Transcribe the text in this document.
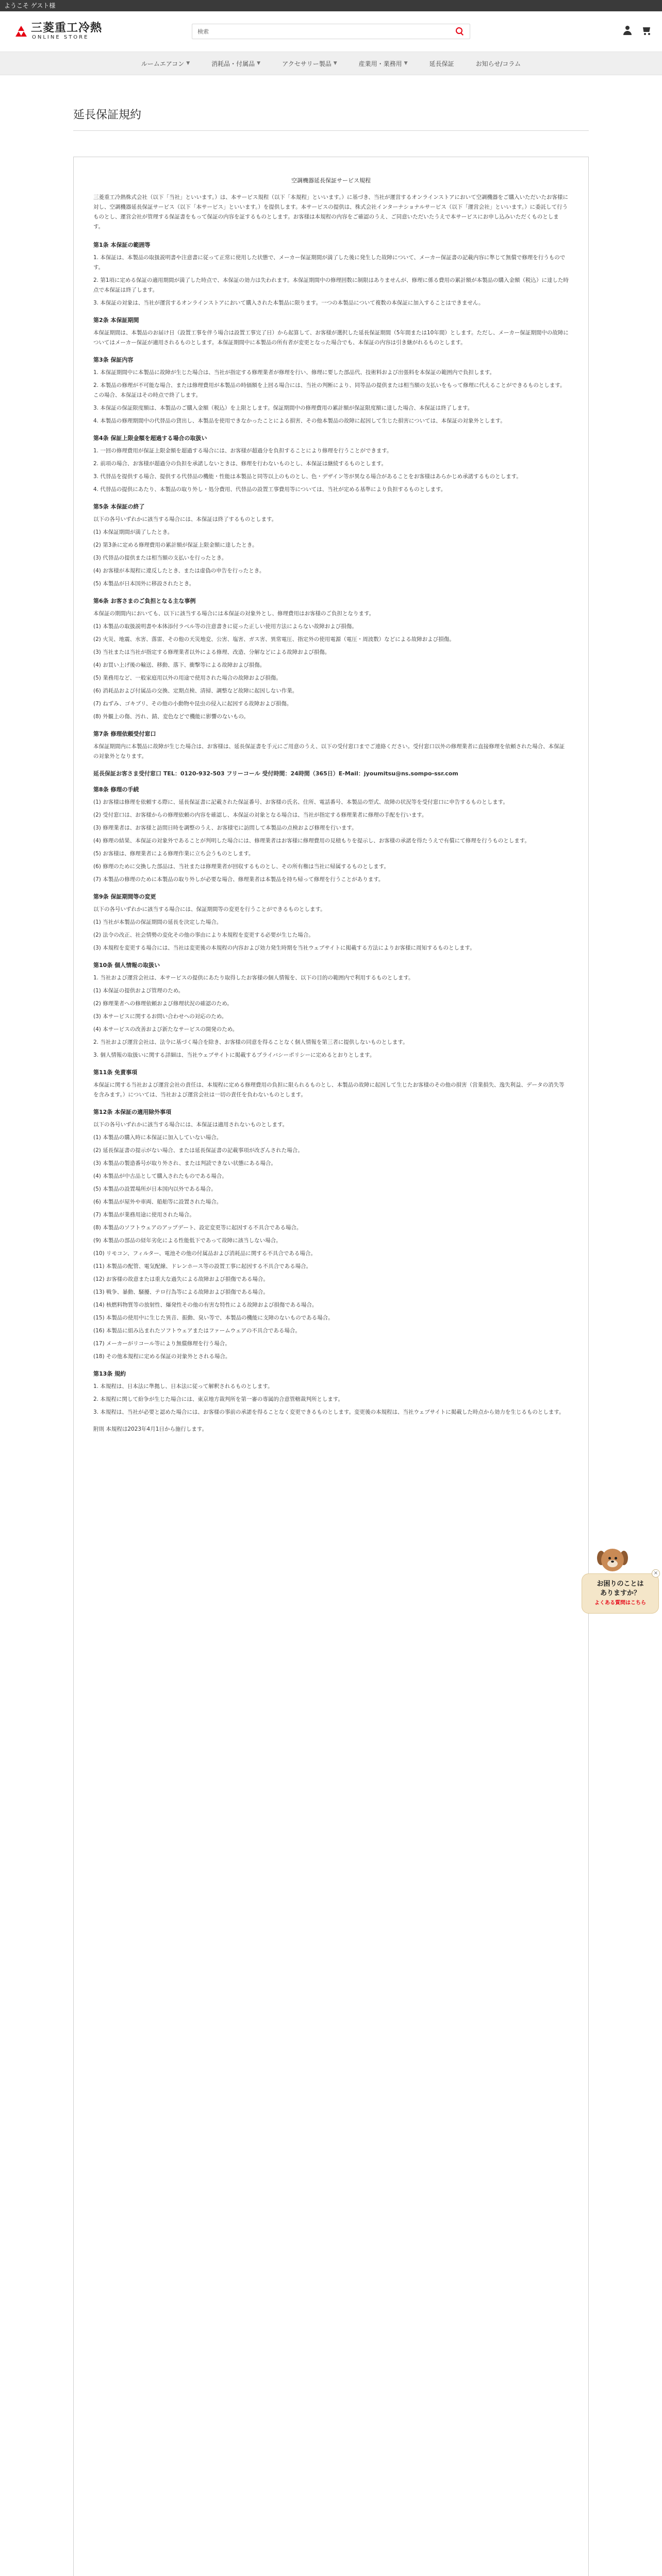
ようこそ ゲスト様
三菱重工冷熱
ONLINE STORE
検索
ルームエアコン ▼	消耗品・付属品 ▼	アクセサリー製品 ▼	産業用・業務用 ▼	延長保証	お知らせ/コラム
延長保証規約
空調機器延長保証サービス規程

三菱重工冷熱株式会社（以下「当社」といいます。）は、本サービス規程（以下「本規程」といいます。）に基づき、当社が運営するオンラインストアにおいて空調機器をご購入いただいたお客様に対し、空調機器延長保証サービス（以下「本サービス」といいます。）を提供します。本サービスの提供は、株式会社インターナショナルサービス（以下「運営会社」といいます。）に委託して行うものとし、運営会社が管理する保証書をもって保証の内容を証するものとします。お客様は本規程の内容をご確認のうえ、ご同意いただいたうえで本サービスにお申し込みいただくものとします。

第1条 本保証の範囲等

1. 本保証は、本製品の取扱説明書や注意書に従って正常に使用した状態で、メーカー保証期間が満了した後に発生した故障について、メーカー保証書の記載内容に準じて無償で修理を行うものです。

2. 第1項に定める保証の適用期間が満了した時点で、本保証の効力は失われます。本保証期間中の修理回数に制限はありませんが、修理に係る費用の累計額が本製品の購入金額（税込）に達した時点で本保証は終了します。

3. 本保証の対象は、当社が運営するオンラインストアにおいて購入された本製品に限ります。一つの本製品について複数の本保証に加入することはできません。

第2条 本保証期間

本保証期間は、本製品のお届け日（設置工事を伴う場合は設置工事完了日）から起算して、お客様が選択した延長保証期間（5年間または10年間）とします。ただし、メーカー保証期間中の故障についてはメーカー保証が適用されるものとします。本保証期間中に本製品の所有者が変更となった場合でも、本保証の内容は引き継がれるものとします。

第3条 保証内容

1. 本保証期間中に本製品に故障が生じた場合は、当社が指定する修理業者が修理を行い、修理に要した部品代、技術料および出張料を本保証の範囲内で負担します。

2. 本製品の修理が不可能な場合、または修理費用が本製品の時価額を上回る場合には、当社の判断により、同等品の提供または相当額の支払いをもって修理に代えることができるものとします。この場合、本保証はその時点で終了します。

3. 本保証の保証限度額は、本製品のご購入金額（税込）を上限とします。保証期間中の修理費用の累計額が保証限度額に達した場合、本保証は終了します。

4. 本製品の修理期間中の代替品の貸出し、本製品を使用できなかったことによる損害、その他本製品の故障に起因して生じた損害については、本保証の対象外とします。

第4条 保証上限金額を超過する場合の取扱い

1. 一回の修理費用が保証上限金額を超過する場合には、お客様が超過分を負担することにより修理を行うことができます。

2. 前項の場合、お客様が超過分の負担を承諾しないときは、修理を行わないものとし、本保証は継続するものとします。

3. 代替品を提供する場合、提供する代替品の機能・性能は本製品と同等以上のものとし、色・デザイン等が異なる場合があることをお客様はあらかじめ承諾するものとします。

4. 代替品の提供にあたり、本製品の取り外し・処分費用、代替品の設置工事費用等については、当社が定める基準により負担するものとします。

第5条 本保証の終了

以下の各号いずれかに該当する場合には、本保証は終了するものとします。

(1) 本保証期間が満了したとき。

(2) 第3条に定める修理費用の累計額が保証上限金額に達したとき。

(3) 代替品の提供または相当額の支払いを行ったとき。

(4) お客様が本規程に違反したとき、または虚偽の申告を行ったとき。

(5) 本製品が日本国外に移設されたとき。

第6条 お客さまのご負担となる主な事例

本保証の期間内においても、以下に該当する場合には本保証の対象外とし、修理費用はお客様のご負担となります。

(1) 本製品の取扱説明書や本体添付ラベル等の注意書きに従った正しい使用方法によらない故障および損傷。

(2) 火災、地震、水害、落雷、その他の天災地変、公害、塩害、ガス害、異常電圧、指定外の使用電源（電圧・周波数）などによる故障および損傷。

(3) 当社または当社が指定する修理業者以外による修理、改造、分解などによる故障および損傷。

(4) お買い上げ後の輸送、移動、落下、衝撃等による故障および損傷。

(5) 業務用など、一般家庭用以外の用途で使用された場合の故障および損傷。

(6) 消耗品および付属品の交換、定期点検、清掃、調整など故障に起因しない作業。

(7) ねずみ、ゴキブリ、その他の小動物や昆虫の侵入に起因する故障および損傷。

(8) 外観上の傷、汚れ、錆、変色などで機能に影響のないもの。

第7条 修理依頼受付窓口

本保証期間内に本製品に故障が生じた場合は、お客様は、延長保証書を手元にご用意のうえ、以下の受付窓口までご連絡ください。受付窓口以外の修理業者に直接修理を依頼された場合、本保証の対象外となります。

延長保証お客さま受付窓口 TEL：0120-932-503 フリーコール 受付時間：24時間（365日）E-Mail：jyoumitsu@ns.sompo-ssr.com

第8条 修理の手続

(1) お客様は修理を依頼する際に、延長保証書に記載された保証番号、お客様の氏名、住所、電話番号、本製品の型式、故障の状況等を受付窓口に申告するものとします。

(2) 受付窓口は、お客様からの修理依頼の内容を確認し、本保証の対象となる場合は、当社が指定する修理業者に修理の手配を行います。

(3) 修理業者は、お客様と訪問日時を調整のうえ、お客様宅に訪問して本製品の点検および修理を行います。

(4) 修理の結果、本保証の対象外であることが判明した場合には、修理業者はお客様に修理費用の見積もりを提示し、お客様の承諾を得たうえで有償にて修理を行うものとします。

(5) お客様は、修理業者による修理作業に立ち会うものとします。

(6) 修理のために交換した部品は、当社または修理業者が回収するものとし、その所有権は当社に帰属するものとします。

(7) 本製品の修理のために本製品の取り外しが必要な場合、修理業者は本製品を持ち帰って修理を行うことがあります。

第9条 保証期間等の変更

以下の各号いずれかに該当する場合には、保証期間等の変更を行うことができるものとします。

(1) 当社が本製品の保証期間の延長を決定した場合。

(2) 法令の改正、社会情勢の変化その他の事由により本規程を変更する必要が生じた場合。

(3) 本規程を変更する場合には、当社は変更後の本規程の内容および効力発生時期を当社ウェブサイトに掲載する方法によりお客様に周知するものとします。

第10条 個人情報の取扱い

1. 当社および運営会社は、本サービスの提供にあたり取得したお客様の個人情報を、以下の目的の範囲内で利用するものとします。

(1) 本保証の提供および管理のため。

(2) 修理業者への修理依頼および修理状況の確認のため。

(3) 本サービスに関するお問い合わせへの対応のため。

(4) 本サービスの改善および新たなサービスの開発のため。

2. 当社および運営会社は、法令に基づく場合を除き、お客様の同意を得ることなく個人情報を第三者に提供しないものとします。

3. 個人情報の取扱いに関する詳細は、当社ウェブサイトに掲載するプライバシーポリシーに定めるとおりとします。

第11条 免責事項

本保証に関する当社および運営会社の責任は、本規程に定める修理費用の負担に限られるものとし、本製品の故障に起因して生じたお客様のその他の損害（営業損失、逸失利益、データの消失等を含みます。）については、当社および運営会社は一切の責任を負わないものとします。

第12条 本保証の適用除外事項

以下の各号いずれかに該当する場合には、本保証は適用されないものとします。

(1) 本製品の購入時に本保証に加入していない場合。

(2) 延長保証書の提示がない場合、または延長保証書の記載事項が改ざんされた場合。

(3) 本製品の製造番号が取り外され、または判読できない状態にある場合。

(4) 本製品が中古品として購入されたものである場合。

(5) 本製品の設置場所が日本国内以外である場合。

(6) 本製品が屋外や車両、船舶等に設置された場合。

(7) 本製品が業務用途に使用された場合。

(8) 本製品のソフトウェアのアップデート、設定変更等に起因する不具合である場合。

(9) 本製品の部品の経年劣化による性能低下であって故障に該当しない場合。

(10) リモコン、フィルター、電池その他の付属品および消耗品に関する不具合である場合。

(11) 本製品の配管、電気配線、ドレンホース等の設置工事に起因する不具合である場合。

(12) お客様の故意または重大な過失による故障および損傷である場合。

(13) 戦争、暴動、騒擾、テロ行為等による故障および損傷である場合。

(14) 核燃料物質等の放射性、爆発性その他の有害な特性による故障および損傷である場合。

(15) 本製品の使用中に生じた異音、振動、臭い等で、本製品の機能に支障のないものである場合。

(16) 本製品に組み込まれたソフトウェアまたはファームウェアの不具合である場合。

(17) メーカーがリコール等により無償修理を行う場合。

(18) その他本規程に定める保証の対象外とされる場合。

第13条 規約

1. 本規程は、日本法に準拠し、日本法に従って解釈されるものとします。

2. 本規程に関して紛争が生じた場合には、東京地方裁判所を第一審の専属的合意管轄裁判所とします。

3. 本規程は、当社が必要と認めた場合には、お客様の事前の承諾を得ることなく変更できるものとします。変更後の本規程は、当社ウェブサイトに掲載した時点から効力を生じるものとします。

附則 本規程は2023年4月1日から施行します。

お困りのことは
ありますか？
よくある質問はこちら
×
